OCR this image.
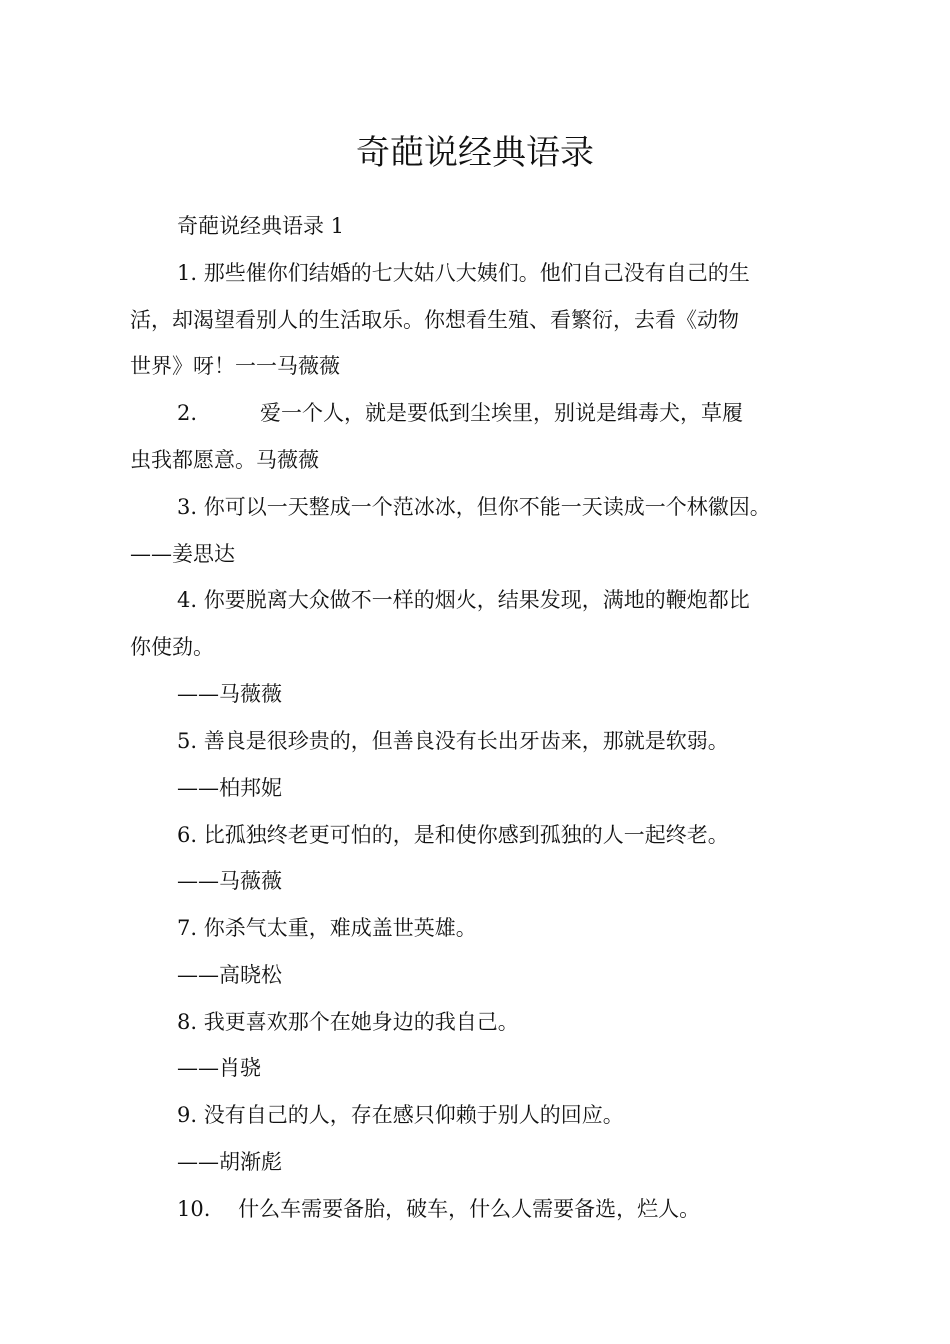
奇葩说经典语录

奇葩说经典语录 1

1. 那些催你们结婚的七大姑八大姨们。他们自己没有自己的生

活，却渴望看别人的生活取乐。你想看生殖、看繁衍，去看《动物

世界》呀！一一马薇薇

2.　　　爱一个人，就是要低到尘埃里，别说是缉毒犬，草履

虫我都愿意。马薇薇

3. 你可以一天整成一个范冰冰，但你不能一天读成一个林徽因。

——姜思达

4. 你要脱离大众做不一样的烟火，结果发现，满地的鞭炮都比

你使劲。

——马薇薇

5. 善良是很珍贵的，但善良没有长出牙齿来，那就是软弱。

——柏邦妮

6. 比孤独终老更可怕的，是和使你感到孤独的人一起终老。

——马薇薇

7. 你杀气太重，难成盖世英雄。

——高晓松

8. 我更喜欢那个在她身边的我自己。

——肖骁

9. 没有自己的人，存在感只仰赖于别人的回应。

——胡渐彪

10.　 什么车需要备胎，破车，什么人需要备选，烂人。
